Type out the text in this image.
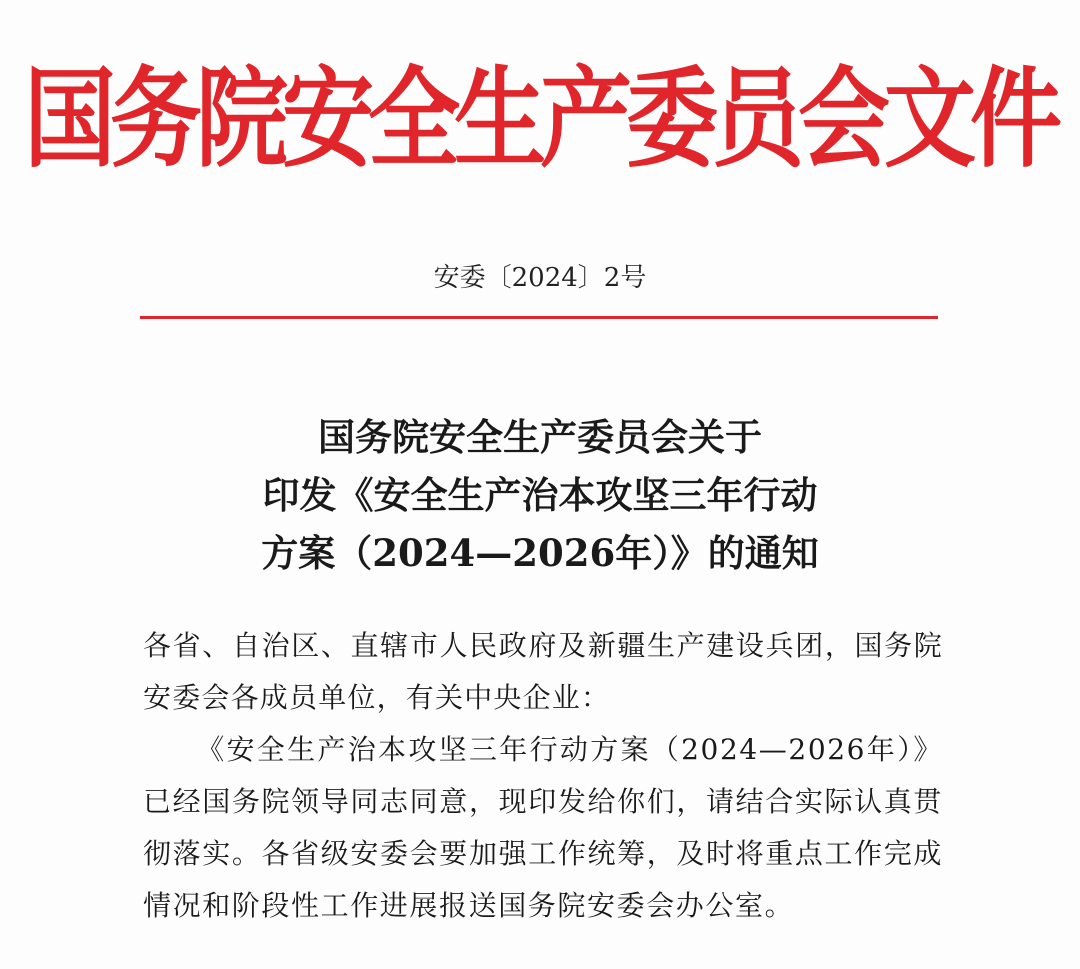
国务院安全生产委员会文件
安委〔2024〕2号
国务院安全生产委员会关于
印发《安全生产治本攻坚三年行动
方案（2024—2026年）》的通知

各省、自治区、直辖市人民政府及新疆生产建设兵团，国务院安委会各成员单位，有关中央企业：

《安全生产治本攻坚三年行动方案（2024—2026年）》已经国务院领导同志同意，现印发给你们，请结合实际认真贯彻落实。各省级安委会要加强工作统筹，及时将重点工作完成情况和阶段性工作进展报送国务院安委会办公室。
